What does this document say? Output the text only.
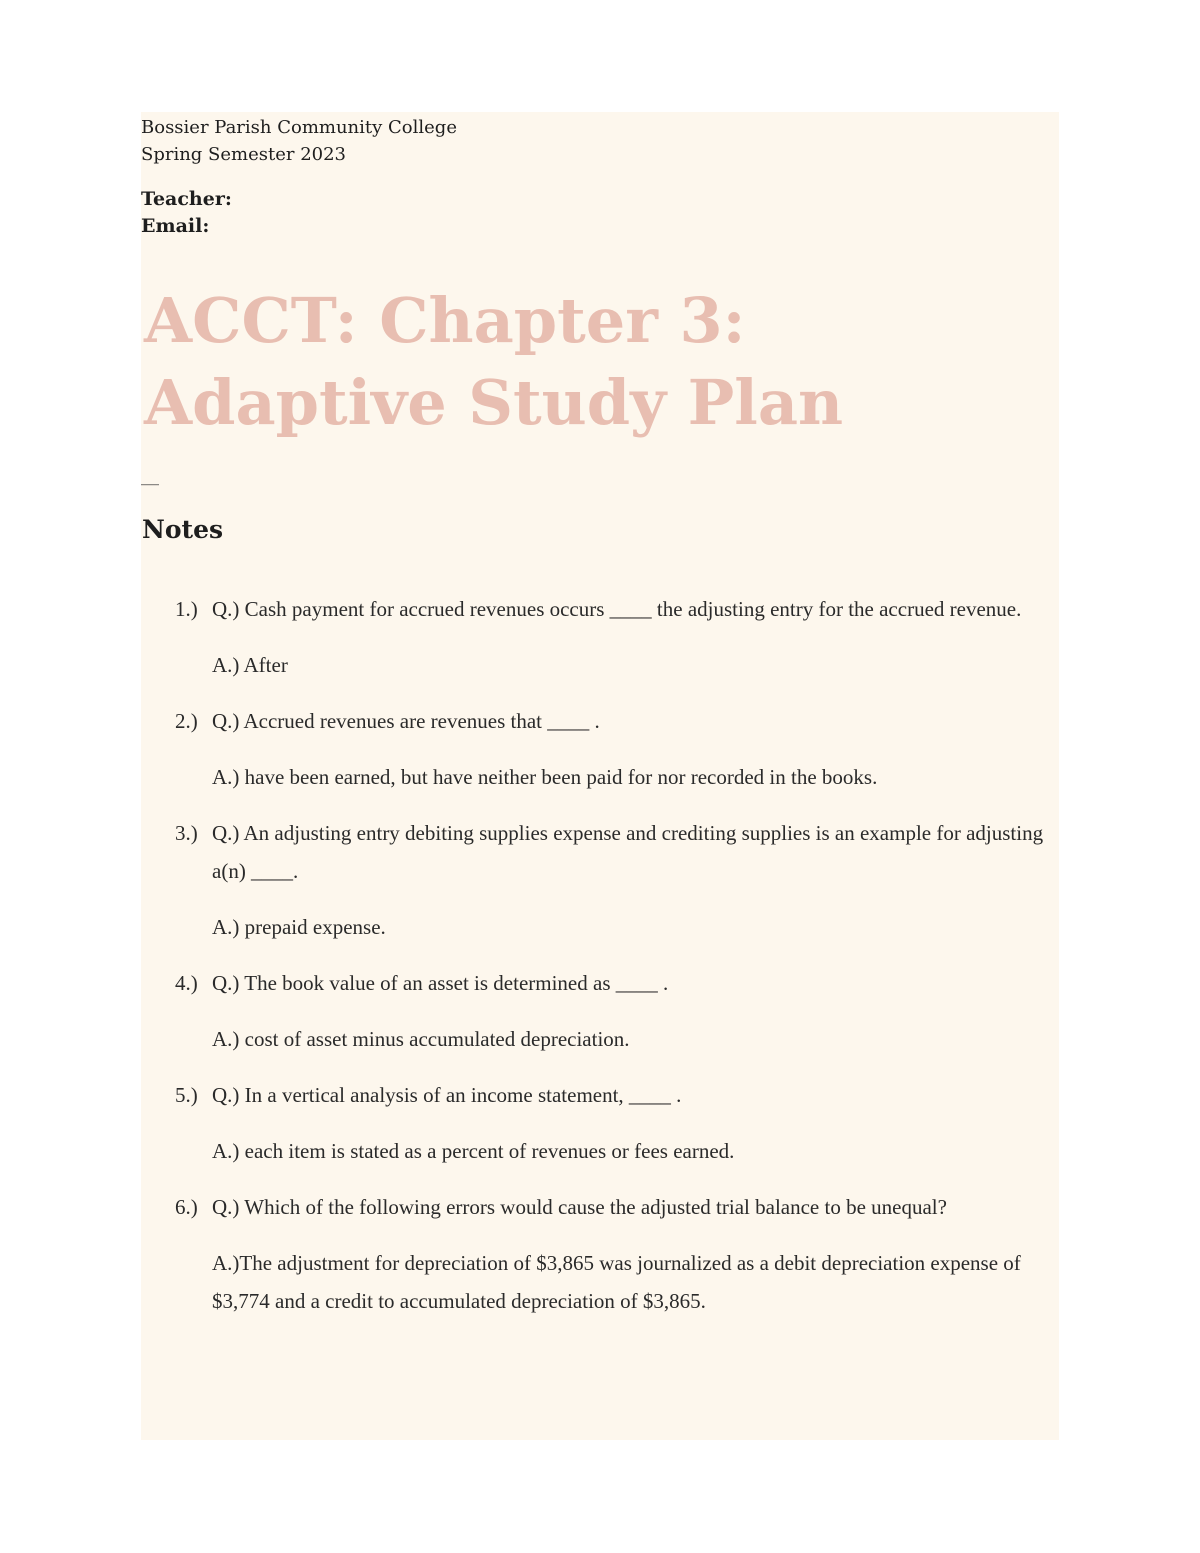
Bossier Parish Community College

Spring Semester 2023

Teacher:

Email:

ACCT: Chapter 3: Adaptive Study Plan
__
Notes
1.) Q.) Cash payment for accrued revenues occurs ____ the adjusting entry for the accrued revenue.

A.) After

2.) Q.) Accrued revenues are revenues that ____ .

A.) have been earned, but have neither been paid for nor recorded in the books.

3.) Q.) An adjusting entry debiting supplies expense and crediting supplies is an example for adjusting a(n) ____.

A.) prepaid expense.

4.) Q.) The book value of an asset is determined as ____ .

A.) cost of asset minus accumulated depreciation.

5.) Q.) In a vertical analysis of an income statement, ____ .

A.) each item is stated as a percent of revenues or fees earned.

6.) Q.) Which of the following errors would cause the adjusted trial balance to be unequal?

A.)The adjustment for depreciation of $3,865 was journalized as a debit depreciation expense of $3,774 and a credit to accumulated depreciation of $3,865.
